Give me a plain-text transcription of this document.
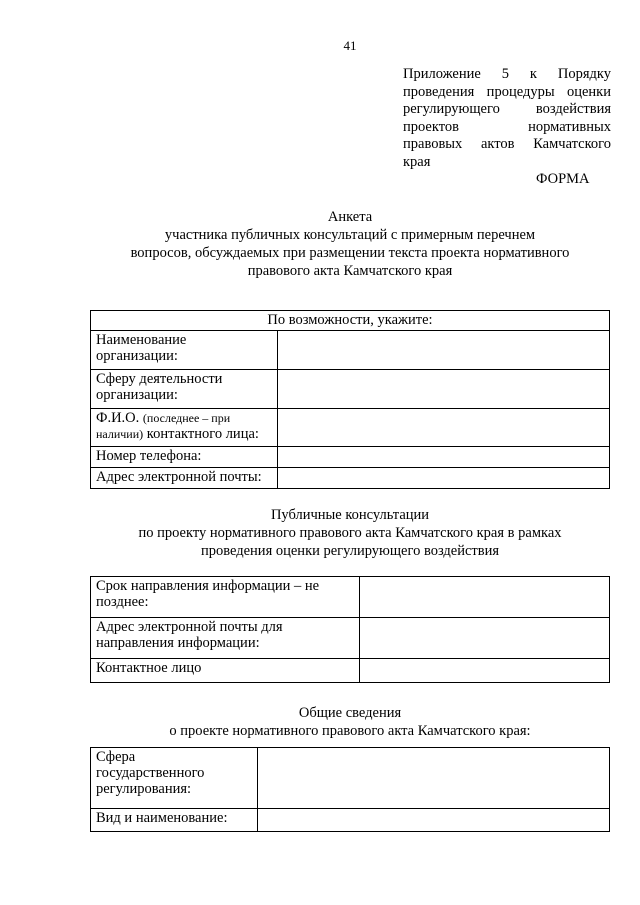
41
Приложение 5 к Порядку
проведения процедуры оценки
регулирующего воздействия
проектов нормативных
правовых актов Камчатского
края
ФОРМА
Анкета
участника публичных консультаций с примерным перечнем
вопросов, обсуждаемых при размещении текста проекта нормативного
правового акта Камчатского края
По возможности, укажите:	

Наименование
организации:	

Сферу деятельности
организации:	

Ф.И.О. (последнее – при
наличии) контактного лица:	

Номер телефона:	

Адрес электронной почты:	

Публичные консультации
по проекту нормативного правового акта Камчатского края в рамках
проведения оценки регулирующего воздействия
Срок направления информации – не
позднее:	

Адрес электронной почты для
направления информации:	

Контактное лицо	

Общие сведения
о проекте нормативного правового акта Камчатского края:
Сфера
государственного
регулирования:	

Вид и наименование:	
